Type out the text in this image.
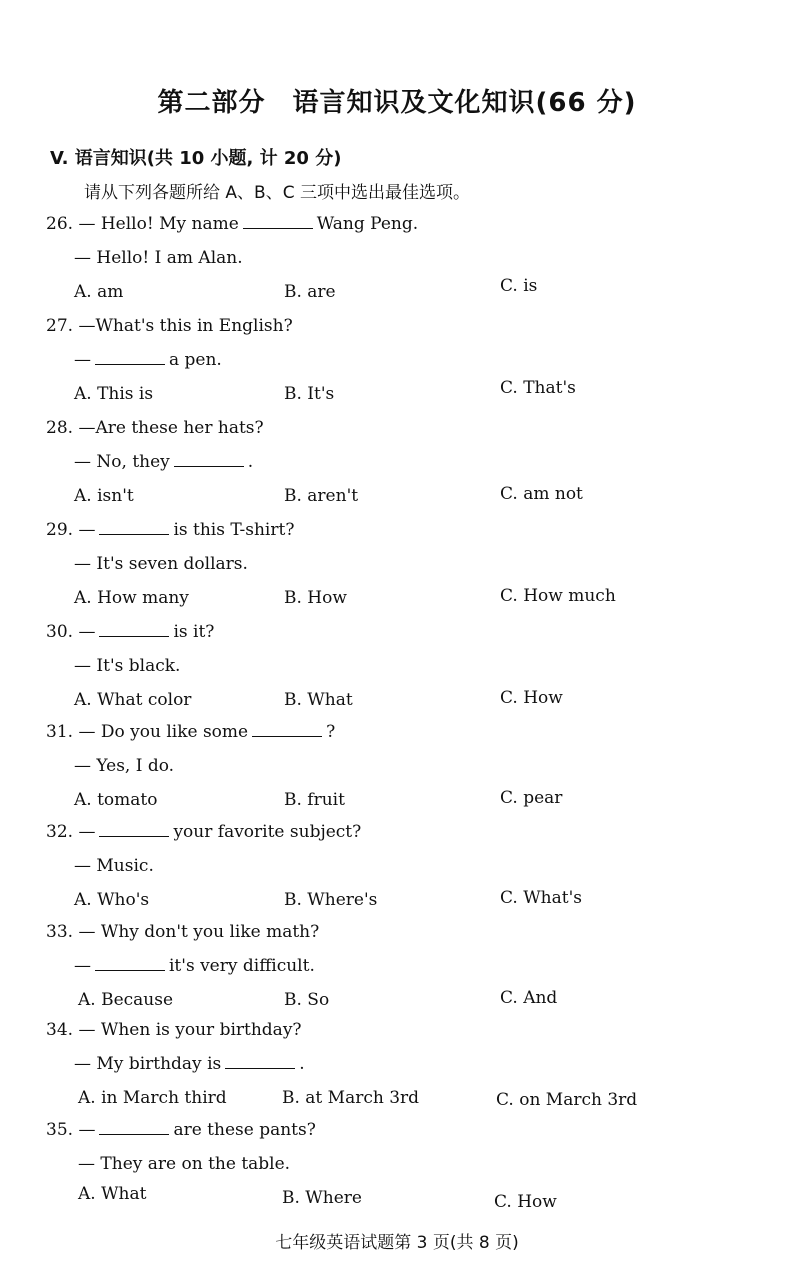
第二部分　语言知识及文化知识(66 分)
V. 语言知识(共 10 小题, 计 20 分)
请从下列各题所给 A、B、C 三项中选出最佳选项。
26. — Hello! My name	Wang Peng.
— Hello! I am Alan.
A. am	B. are	C. is
27. —What's this in English?
—	a pen.
A. This is	B. It's	C. That's
28. —Are these her hats?
— No, they	.
A. isn't	B. aren't	C. am not
29. —	is this T-shirt?
— It's seven dollars.
A. How many	B. How	C. How much
30. —	is it?
— It's black.
A. What color	B. What	C. How
31. — Do you like some	?
— Yes, I do.
A. tomato	B. fruit	C. pear
32. —	your favorite subject?
— Music.
A. Who's	B. Where's	C. What's
33. — Why don't you like math?
—	it's very difficult.
A. Because	B. So	C. And
34. — When is your birthday?
— My birthday is	.
A. in March third	B. at March 3rd	C. on March 3rd
35. —	are these pants?
— They are on the table.
A. What	B. Where	C. How
七年级英语试题第 3 页(共 8 页)
